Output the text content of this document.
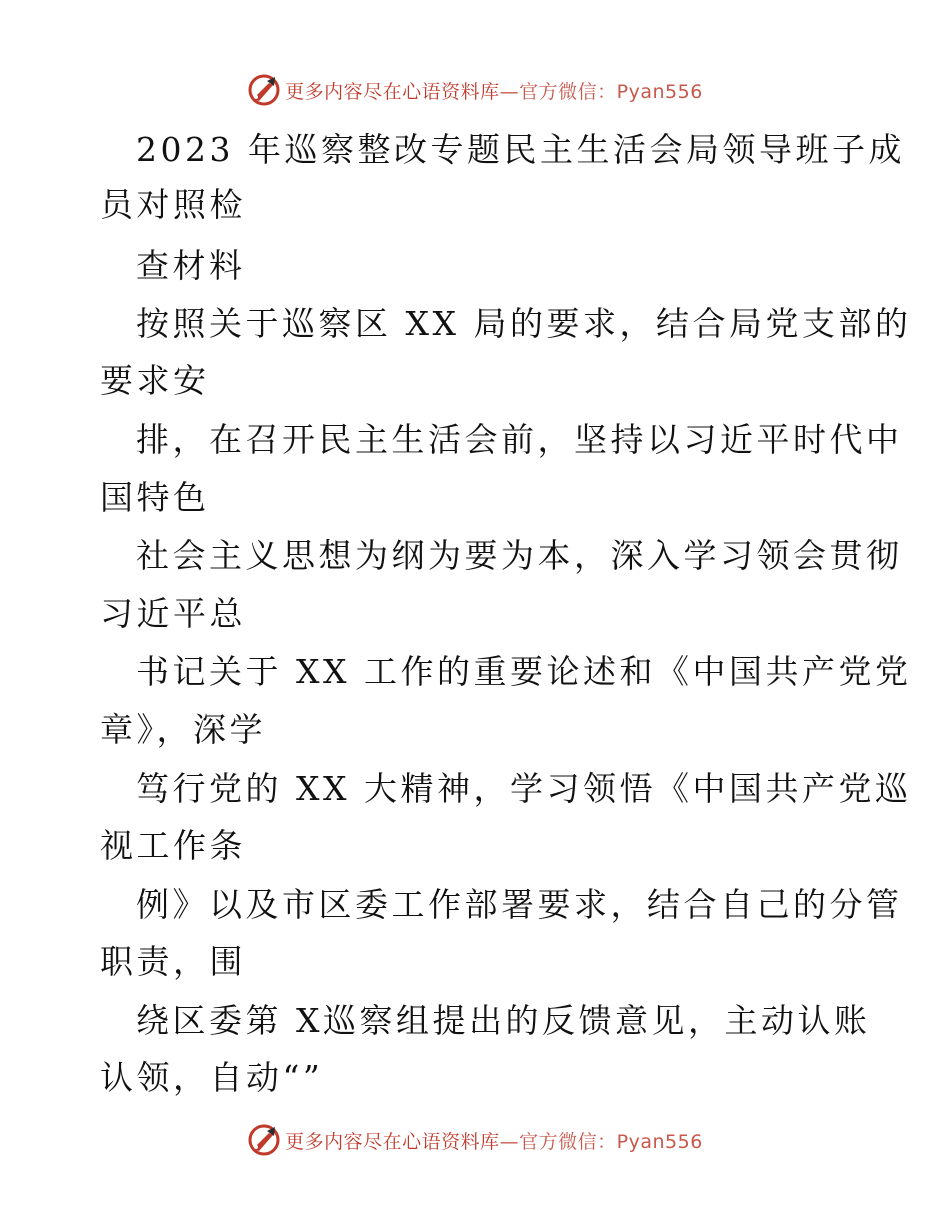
更多内容尽在心语资料库—官方微信：Pyan556
2023 年巡察整改专题民主生活会局领导班子成
员对照检
查材料
按照关于巡察区 XX 局的要求，结合局党支部的
要求安
排，在召开民主生活会前，坚持以习近平时代中
国特色
社会主义思想为纲为要为本，深入学习领会贯彻
习近平总
书记关于 XX 工作的重要论述和《中国共产党党
章》，深学
笃行党的 XX 大精神，学习领悟《中国共产党巡
视工作条
例》以及市区委工作部署要求，结合自己的分管
职责，围
绕区委第 X巡察组提出的反馈意见，主动认账
认领，自动“”
更多内容尽在心语资料库—官方微信：Pyan556
